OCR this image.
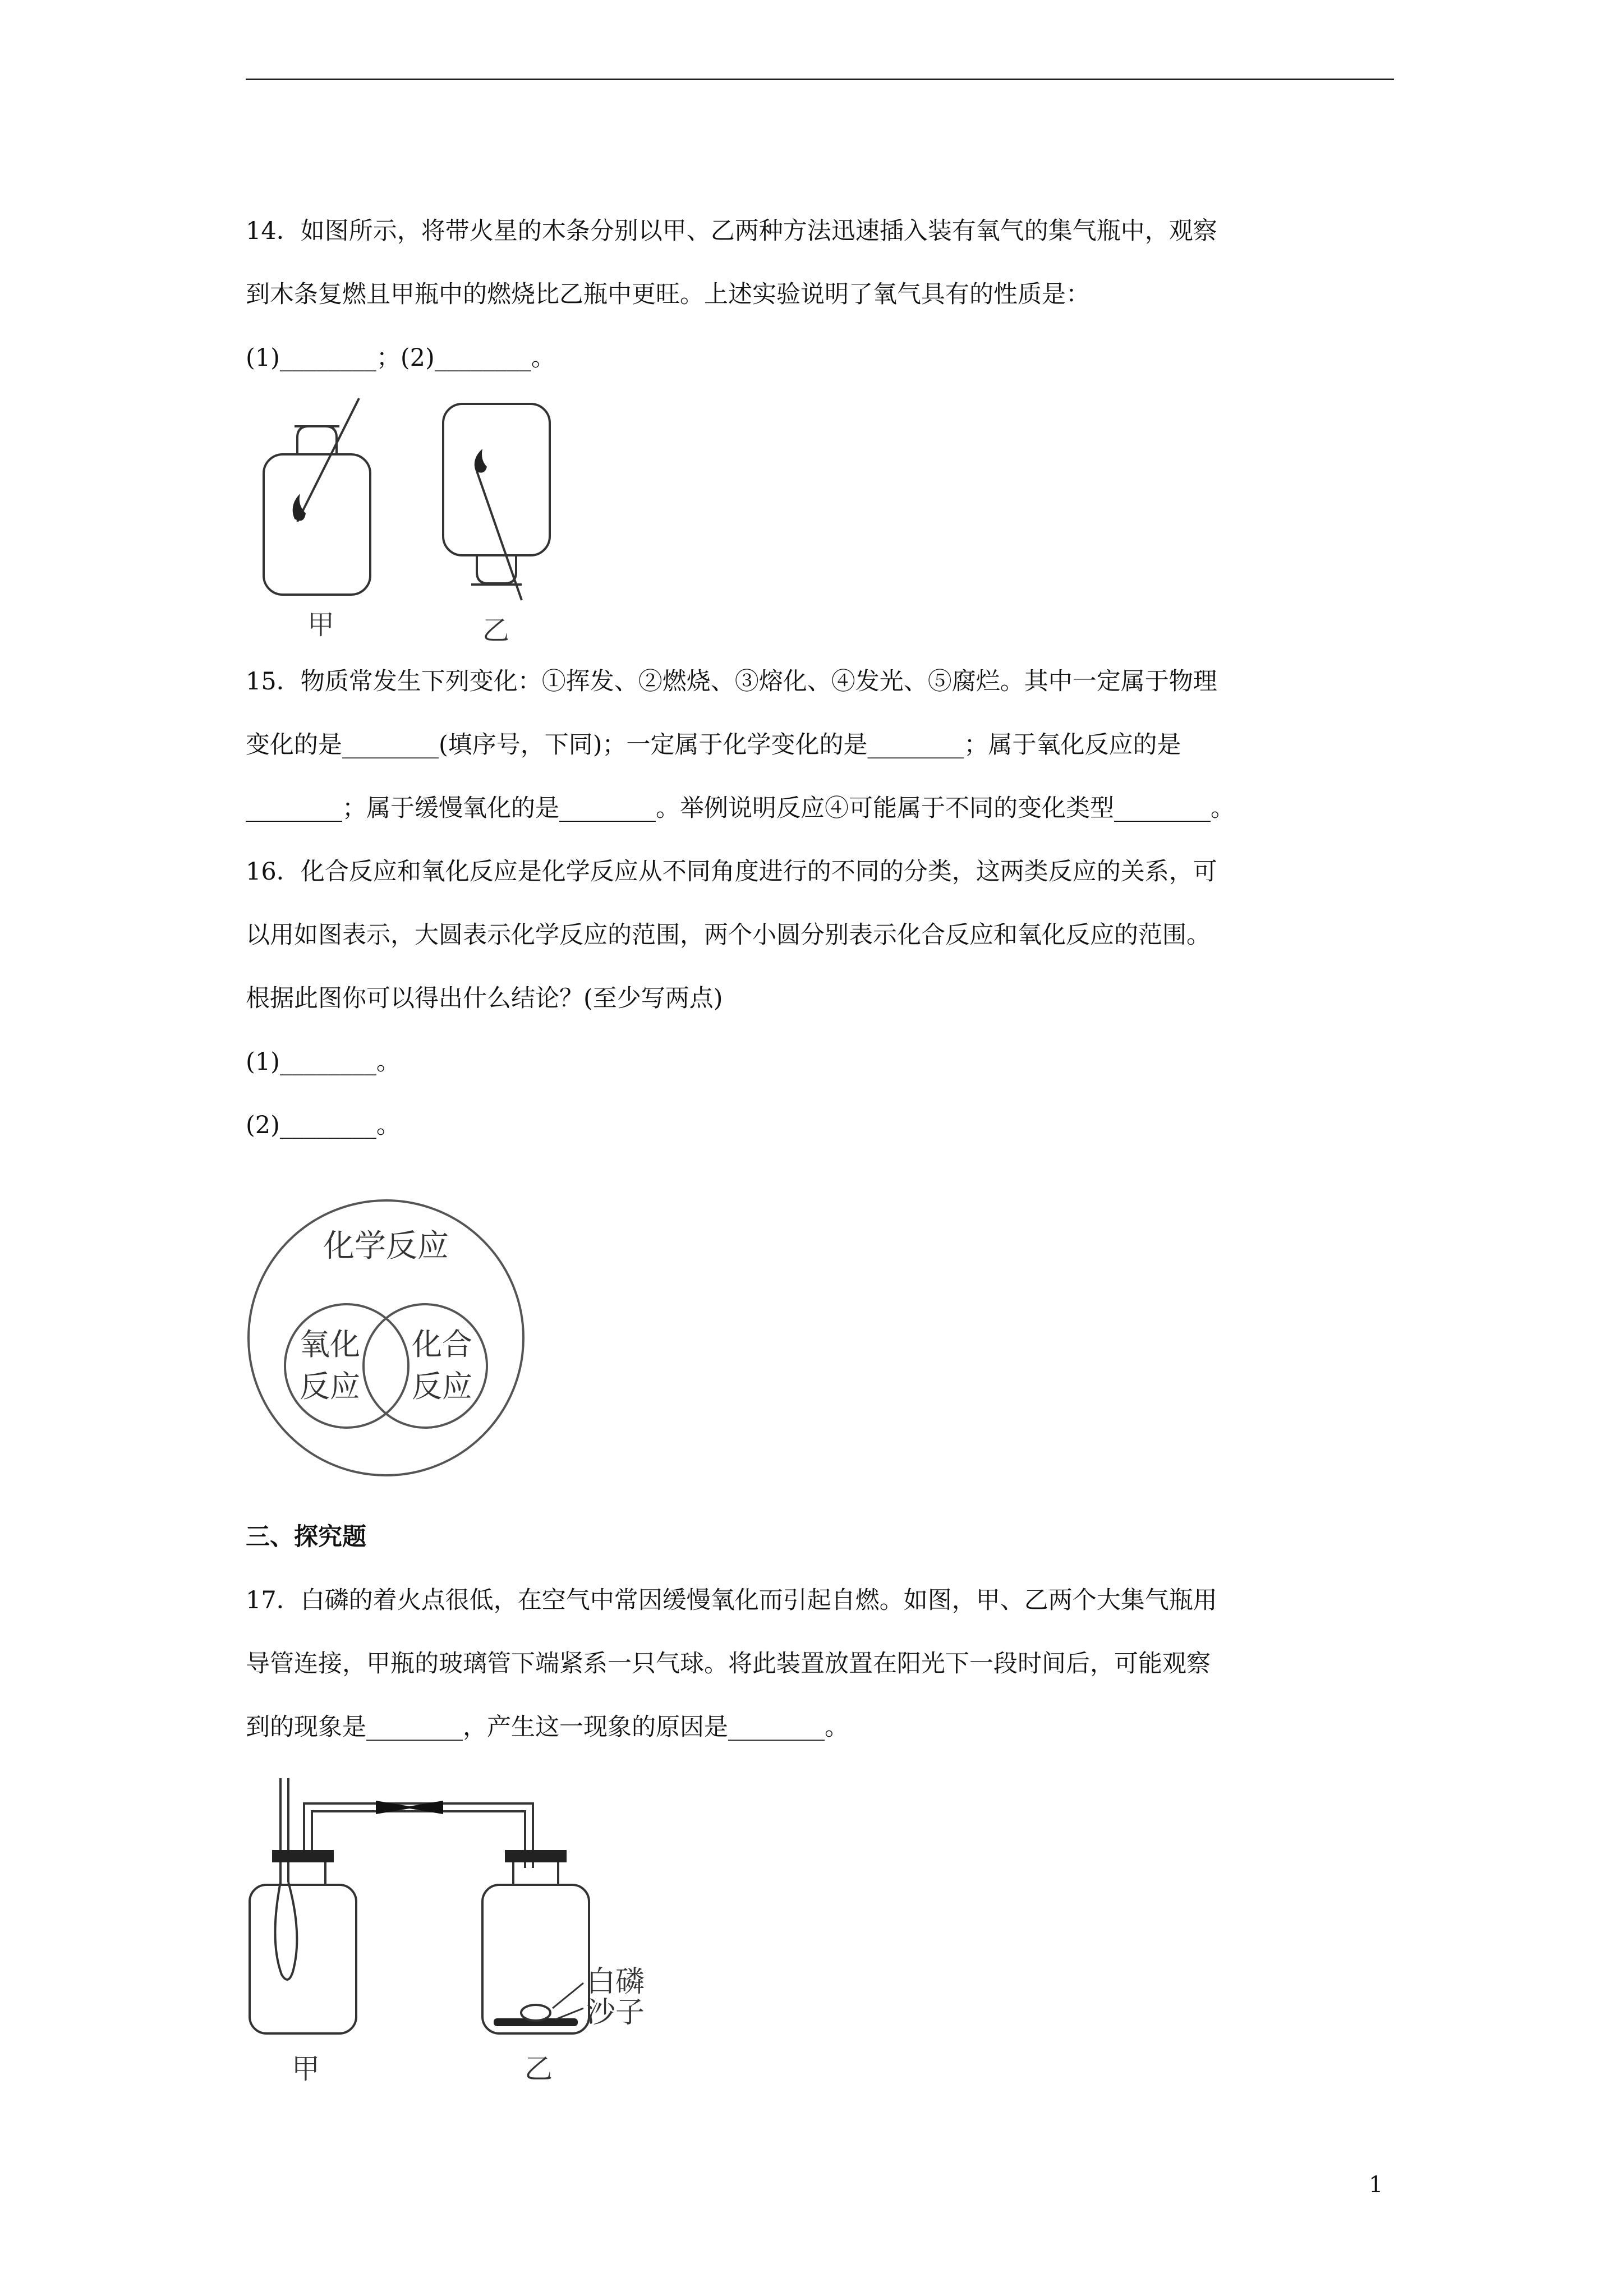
14．如图所示，将带火星的木条分别以甲、乙两种方法迅速插入装有氧气的集气瓶中，观察
到木条复燃且甲瓶中的燃烧比乙瓶中更旺。上述实验说明了氧气具有的性质是：
(1)________；(2)________。
甲	乙
15．物质常发生下列变化：①挥发、②燃烧、③熔化、④发光、⑤腐烂。其中一定属于物理
变化的是________(填序号，下同)；一定属于化学变化的是________；属于氧化反应的是
________；属于缓慢氧化的是________。举例说明反应④可能属于不同的变化类型________。
16．化合反应和氧化反应是化学反应从不同角度进行的不同的分类，这两类反应的关系，可
以用如图表示，大圆表示化学反应的范围，两个小圆分别表示化合反应和氧化反应的范围。
根据此图你可以得出什么结论？(至少写两点)
(1)________。
(2)________。
化学反应
氧化
反应
化合
反应
三、探究题
17．白磷的着火点很低，在空气中常因缓慢氧化而引起自燃。如图，甲、乙两个大集气瓶用
导管连接，甲瓶的玻璃管下端紧系一只气球。将此装置放置在阳光下一段时间后，可能观察
到的现象是________，产生这一现象的原因是________。
白磷
沙子
甲	乙
1
